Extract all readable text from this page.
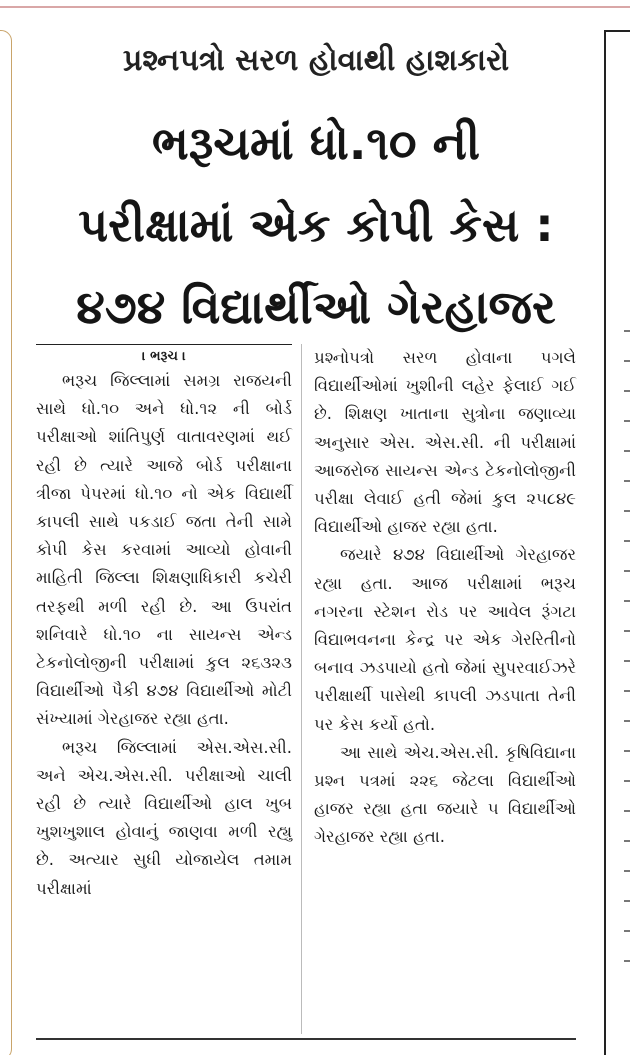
પ્રશ્નપત્રો સરળ હોવાથી હાશકારો
ભરૂચમાં ધો.૧૦ ની
પરીક્ષામાં એક કોપી કેસ :
૪૭૪ વિદ્યાર્થીઓ ગેરહાજર
। ભરૂચ ।

ભરૂચ જિલ્લામાં સમગ્ર રાજયની સાથે ધો.૧૦ અને ધો.૧૨ ની બોર્ડ પરીક્ષાઓ શાંતિપુર્ણ વાતાવરણમાં થઈ રહી છે ત્યારે આજે બોર્ડ પરીક્ષાના ત્રીજા પેપરમાં ધો.૧૦ નો એક વિદ્યાર્થી કાપલી સાથે પકડાઈ જતા તેની સામે કોપી કેસ કરવામાં આવ્યો હોવાની માહિતી જિલ્લા શિક્ષણાધિકારી કચેરી તરફથી મળી રહી છે. આ ઉપરાંત શનિવારે ધો.૧૦ ના સાયન્સ એન્ડ ટેકનોલોજીની પરીક્ષામાં કુલ ૨૬૩૨૩ વિદ્યાર્થીઓ પૈકી ૪૭૪ વિદ્યાર્થીઓ મોટી સંખ્યામાં ગેરહાજર રહ્યા હતા.

ભરૂચ જિલ્લામાં એસ.એસ.સી. અને એચ.એસ.સી. પરીક્ષાઓ ચાલી રહી છે ત્યારે વિદ્યાર્થીઓ હાલ ખુબ ખુશખુશાલ હોવાનું જાણવા મળી રહ્યુ છે. અત્યાર સુધી યોજાયેલ તમામ પરીક્ષામાં

પ્રશ્નોપત્રો સરળ હોવાના પગલે વિદ્યાર્થીઓમાં ખુશીની લહેર ફેલાઈ ગઈ છે. શિક્ષણ ખાતાના સુત્રોના જણાવ્યા અનુસાર એસ. એસ.સી. ની પરીક્ષામાં આજરોજ સાયન્સ એન્ડ ટેકનોલોજીની પરીક્ષા લેવાઈ હતી જેમાં કુલ ૨૫૮૪૯ વિદ્યાર્થીઓ હાજર રહ્યા હતા.

જયારે ૪૭૪ વિદ્યાર્થીઓ ગેરહાજર રહ્યા હતા. આજ પરીક્ષામાં ભરૂચ નગરના સ્ટેશન રોડ પર આવેલ રૂંગટા વિદ્યાભવનના કેન્દ્ર પર એક ગેરરિતીનો બનાવ ઝડપાયો હતો જેમાં સુપરવાઈઝરે પરીક્ષાર્થી પાસેથી કાપલી ઝડપાતા તેની પર કેસ કર્યો હતો.

આ સાથે એચ.એસ.સી. કૃષિવિદ્યાના પ્રશ્ન પત્રમાં ૨૨૬ જેટલા વિદ્યાર્થીઓ હાજર રહ્યા હતા જયારે ૫ વિદ્યાર્થીઓ ગેરહાજર રહ્યા હતા.
